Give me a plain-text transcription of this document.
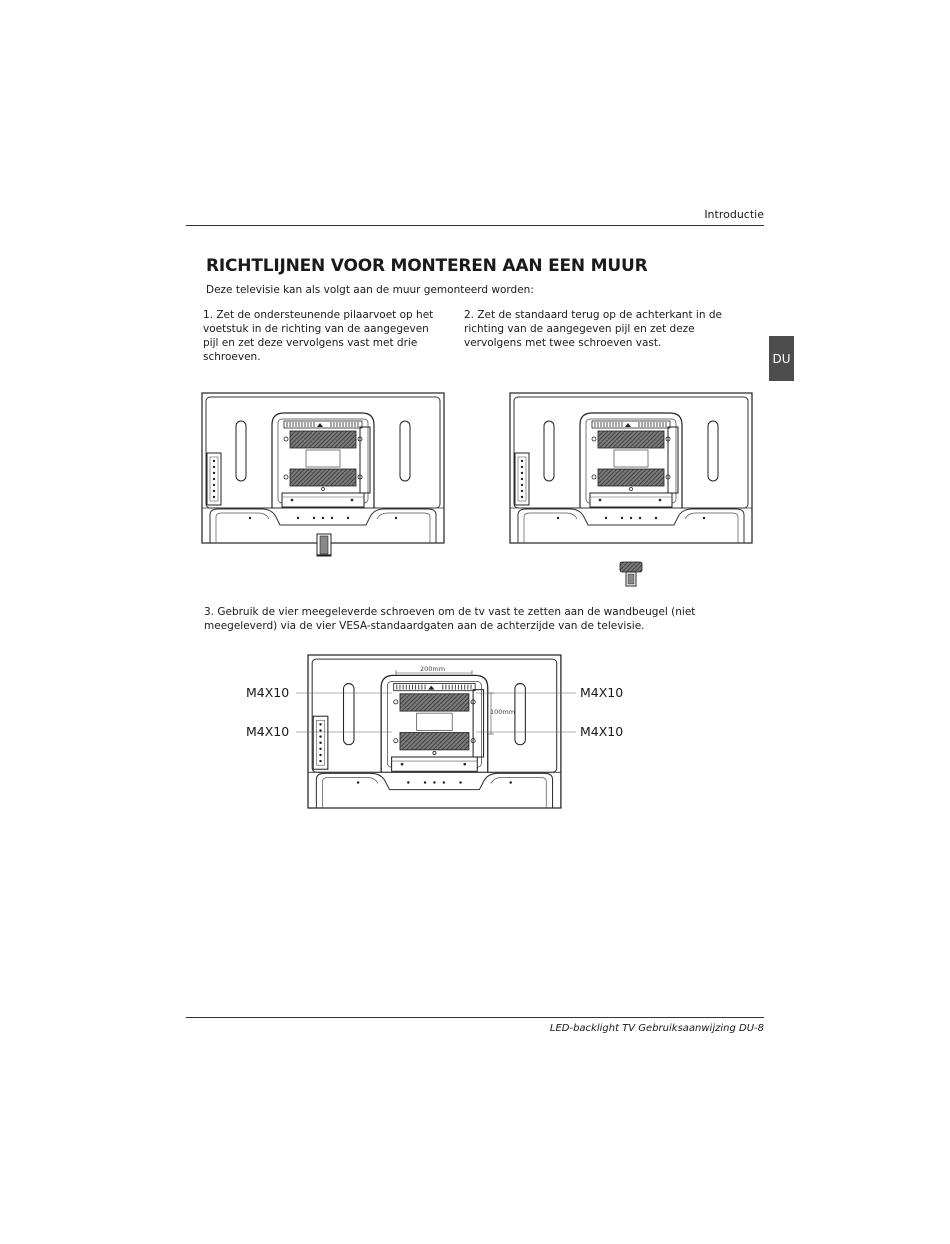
Introductie
DU
RICHTLIJNEN VOOR MONTEREN AAN EEN MUUR
Deze televisie kan als volgt aan de muur gemonteerd worden:
1. Zet de ondersteunende pilaarvoet op het voetstuk in de richting van de aangegeven pijl en zet deze vervolgens vast met drie schroeven.
2. Zet de standaard terug op de achterkant in de richting van de aangegeven pijl en zet deze vervolgens met twee schroeven vast.
3. Gebruik de vier meegeleverde schroeven om de tv vast te zetten aan de wandbeugel (niet meegeleverd) via de vier VESA-standaardgaten aan de achterzijde van de televisie.
200mm
100mm
M4X10
M4X10
M4X10
M4X10
LED-backlight TV Gebruiksaanwijzing DU-8
